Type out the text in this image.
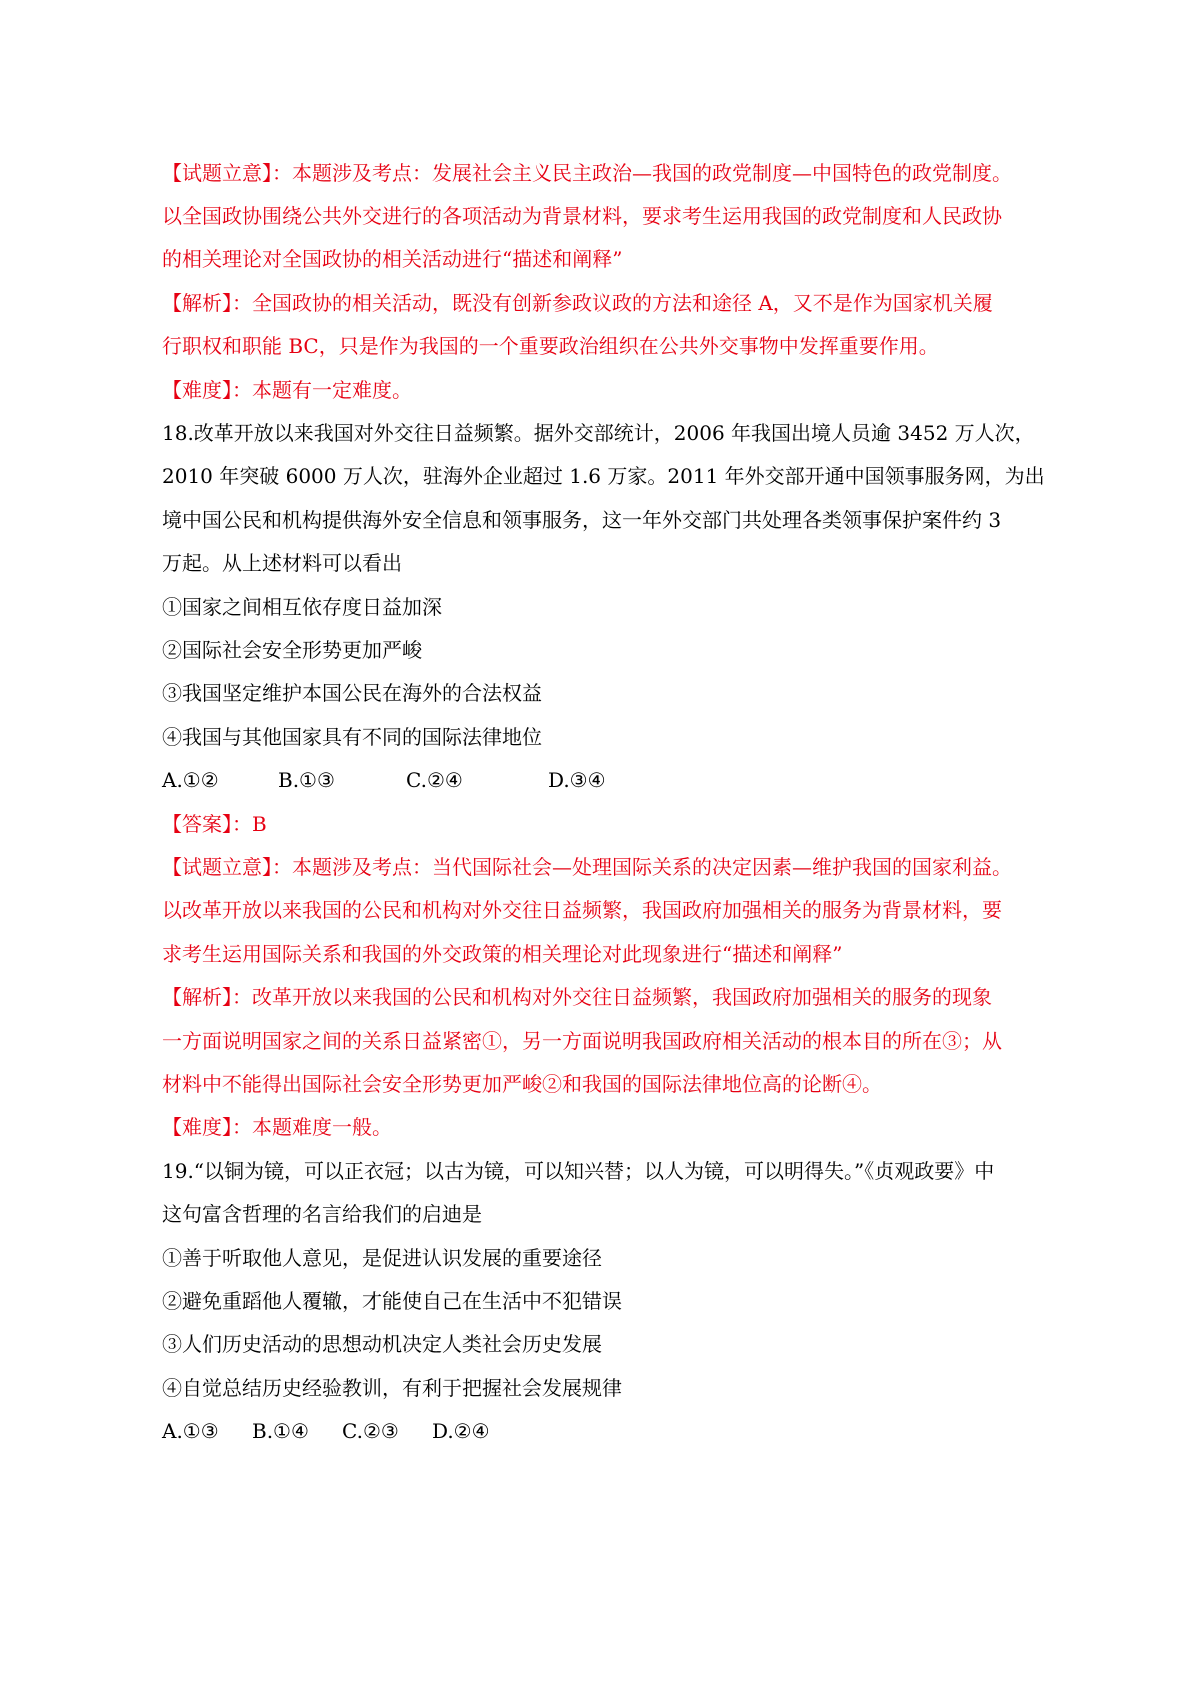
【试题立意】：本题涉及考点：发展社会主义民主政治—我国的政党制度—中国特色的政党制度。
以全国政协围绕公共外交进行的各项活动为背景材料，要求考生运用我国的政党制度和人民政协
的相关理论对全国政协的相关活动进行“描述和阐释”
【解析】：全国政协的相关活动，既没有创新参政议政的方法和途径 A，又不是作为国家机关履
行职权和职能 BC，只是作为我国的一个重要政治组织在公共外交事物中发挥重要作用。
【难度】：本题有一定难度。
18.改革开放以来我国对外交往日益频繁。据外交部统计，2006 年我国出境人员逾 3452 万人次，
2010 年突破 6000 万人次，驻海外企业超过 1.6 万家。2011 年外交部开通中国领事服务网，为出
境中国公民和机构提供海外安全信息和领事服务，这一年外交部门共处理各类领事保护案件约 3
万起。从上述材料可以看出
①国家之间相互依存度日益加深
②国际社会安全形势更加严峻
③我国坚定维护本国公民在海外的合法权益
④我国与其他国家具有不同的国际法律地位
A.①②	B.①③	C.②④	D.③④
【答案】：B
【试题立意】：本题涉及考点：当代国际社会—处理国际关系的决定因素—维护我国的国家利益。
以改革开放以来我国的公民和机构对外交往日益频繁，我国政府加强相关的服务为背景材料，要
求考生运用国际关系和我国的外交政策的相关理论对此现象进行“描述和阐释”
【解析】：改革开放以来我国的公民和机构对外交往日益频繁，我国政府加强相关的服务的现象
一方面说明国家之间的关系日益紧密①，另一方面说明我国政府相关活动的根本目的所在③；从
材料中不能得出国际社会安全形势更加严峻②和我国的国际法律地位高的论断④。
【难度】：本题难度一般。
19.“以铜为镜，可以正衣冠；以古为镜，可以知兴替；以人为镜，可以明得失。”《贞观政要》中
这句富含哲理的名言给我们的启迪是
①善于听取他人意见，是促进认识发展的重要途径
②避免重蹈他人覆辙，才能使自己在生活中不犯错误
③人们历史活动的思想动机决定人类社会历史发展
④自觉总结历史经验教训，有利于把握社会发展规律
A.①③ B.①④ C.②③ D.②④
